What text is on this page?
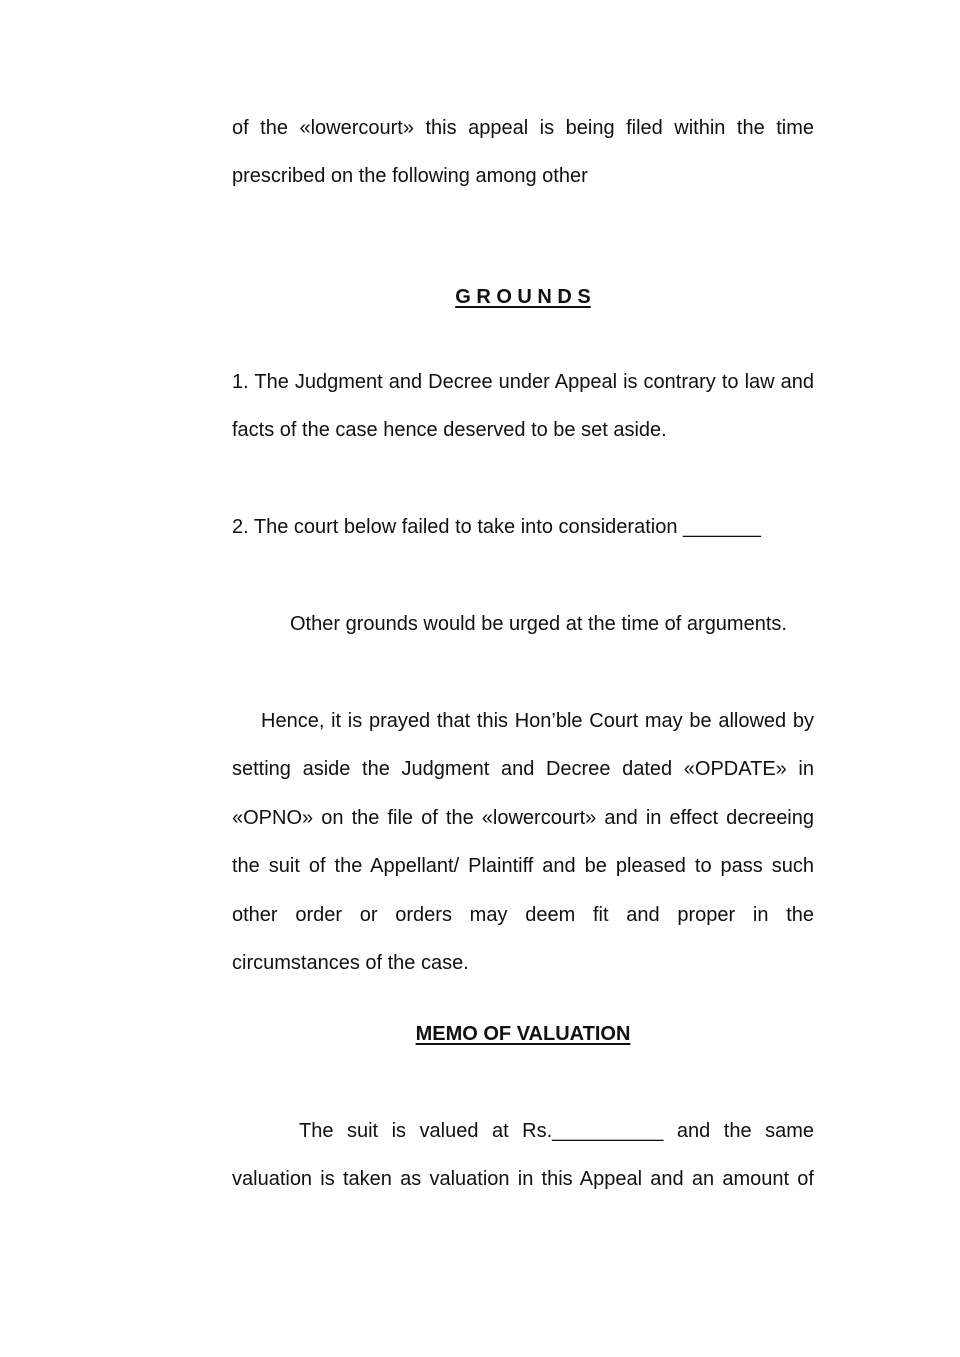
of the «lowercourt» this appeal is being filed within the time prescribed on the following among other

G R O U N D S

1. The Judgment and Decree under Appeal is contrary to law and facts of the case hence deserved to be set aside.

2. The court below failed to take into consideration _______

Other grounds would be urged at the time of arguments.

Hence, it is prayed that this Hon’ble Court may be allowed by setting aside the Judgment and Decree dated «OPDATE» in «OPNO» on the file of the «lowercourt» and in effect decreeing the suit of the Appellant/ Plaintiff and be pleased to pass such other order or orders may deem fit and proper in the circumstances of the case.

MEMO OF VALUATION

The suit is valued at Rs.__________ and the same valuation is taken as valuation in this Appeal and an amount of
